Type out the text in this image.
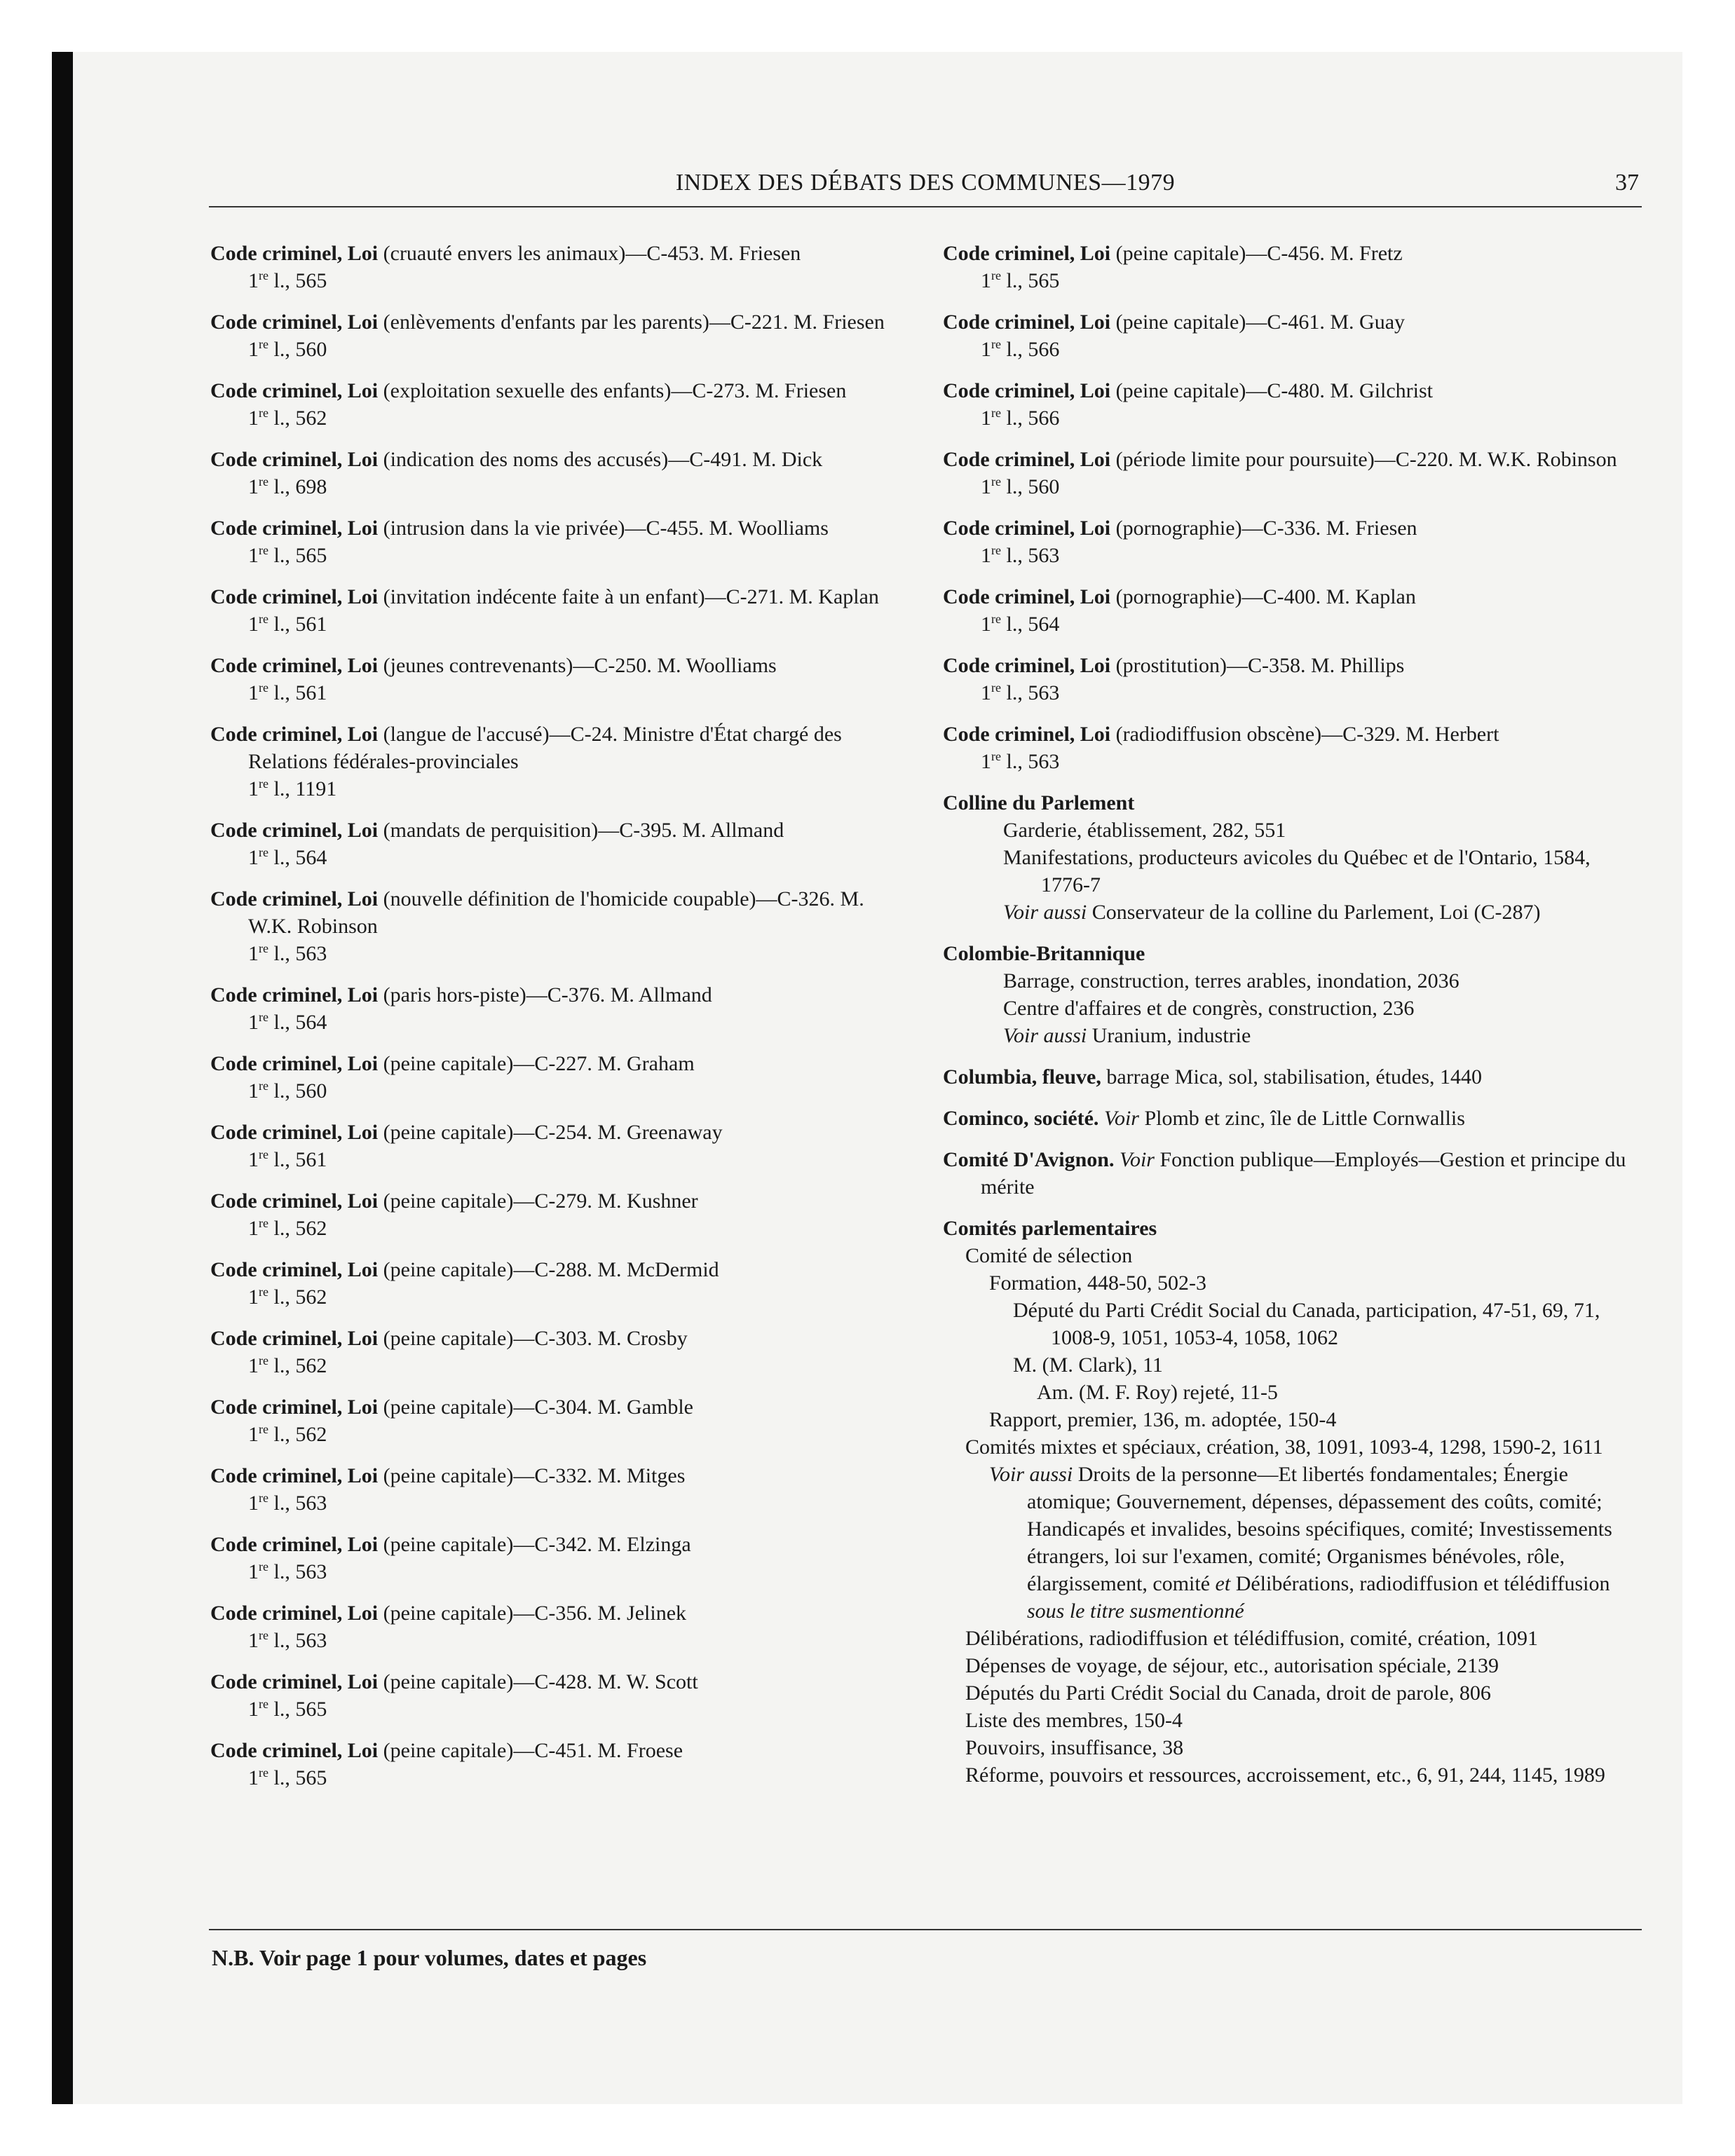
INDEX DES DÉBATS DES COMMUNES—1979	37
Code criminel, Loi (cruauté envers les animaux)—C-453. M. Friesen
1re l., 565
Code criminel, Loi (enlèvements d'enfants par les parents)—C-221. M. Friesen
1re l., 560
Code criminel, Loi (exploitation sexuelle des enfants)—C-273. M. Friesen
1re l., 562
Code criminel, Loi (indication des noms des accusés)—C-491. M. Dick
1re l., 698
Code criminel, Loi (intrusion dans la vie privée)—C-455. M. Woolliams
1re l., 565
Code criminel, Loi (invitation indécente faite à un enfant)—C-271. M. Kaplan
1re l., 561
Code criminel, Loi (jeunes contrevenants)—C-250. M. Woolliams
1re l., 561
Code criminel, Loi (langue de l'accusé)—C-24. Ministre d'État chargé des Relations fédérales-provinciales
1re l., 1191
Code criminel, Loi (mandats de perquisition)—C-395. M. Allmand
1re l., 564
Code criminel, Loi (nouvelle définition de l'homicide coupable)—C-326. M. W.K. Robinson
1re l., 563
Code criminel, Loi (paris hors-piste)—C-376. M. Allmand
1re l., 564
Code criminel, Loi (peine capitale)—C-227. M. Graham
1re l., 560
Code criminel, Loi (peine capitale)—C-254. M. Greenaway
1re l., 561
Code criminel, Loi (peine capitale)—C-279. M. Kushner
1re l., 562
Code criminel, Loi (peine capitale)—C-288. M. McDermid
1re l., 562
Code criminel, Loi (peine capitale)—C-303. M. Crosby
1re l., 562
Code criminel, Loi (peine capitale)—C-304. M. Gamble
1re l., 562
Code criminel, Loi (peine capitale)—C-332. M. Mitges
1re l., 563
Code criminel, Loi (peine capitale)—C-342. M. Elzinga
1re l., 563
Code criminel, Loi (peine capitale)—C-356. M. Jelinek
1re l., 563
Code criminel, Loi (peine capitale)—C-428. M. W. Scott
1re l., 565
Code criminel, Loi (peine capitale)—C-451. M. Froese
1re l., 565
Code criminel, Loi (peine capitale)—C-456. M. Fretz
1re l., 565
Code criminel, Loi (peine capitale)—C-461. M. Guay
1re l., 566
Code criminel, Loi (peine capitale)—C-480. M. Gilchrist
1re l., 566
Code criminel, Loi (période limite pour poursuite)—C-220. M. W.K. Robinson
1re l., 560
Code criminel, Loi (pornographie)—C-336. M. Friesen
1re l., 563
Code criminel, Loi (pornographie)—C-400. M. Kaplan
1re l., 564
Code criminel, Loi (prostitution)—C-358. M. Phillips
1re l., 563
Code criminel, Loi (radiodiffusion obscène)—C-329. M. Herbert
1re l., 563
Colline du Parlement
Garderie, établissement, 282, 551
Manifestations, producteurs avicoles du Québec et de l'Ontario, 1584, 1776-7
Voir aussi Conservateur de la colline du Parlement, Loi (C-287)
Colombie-Britannique
Barrage, construction, terres arables, inondation, 2036
Centre d'affaires et de congrès, construction, 236
Voir aussi Uranium, industrie
Columbia, fleuve, barrage Mica, sol, stabilisation, études, 1440
Cominco, société. Voir Plomb et zinc, île de Little Cornwallis
Comité D'Avignon. Voir Fonction publique—Employés—Gestion et principe du mérite
Comités parlementaires
Comité de sélection
Formation, 448-50, 502-3
Député du Parti Crédit Social du Canada, participation, 47-51, 69, 71, 1008-9, 1051, 1053-4, 1058, 1062
M. (M. Clark), 11
Am. (M. F. Roy) rejeté, 11-5
Rapport, premier, 136, m. adoptée, 150-4
Comités mixtes et spéciaux, création, 38, 1091, 1093-4, 1298, 1590-2, 1611
Voir aussi Droits de la personne—Et libertés fondamentales; Énergie atomique; Gouvernement, dépenses, dépassement des coûts, comité; Handicapés et invalides, besoins spécifiques, comité; Investissements étrangers, loi sur l'examen, comité; Organismes bénévoles, rôle, élargissement, comité et Délibérations, radiodiffusion et télédiffusion sous le titre susmentionné
Délibérations, radiodiffusion et télédiffusion, comité, création, 1091
Dépenses de voyage, de séjour, etc., autorisation spéciale, 2139
Députés du Parti Crédit Social du Canada, droit de parole, 806
Liste des membres, 150-4
Pouvoirs, insuffisance, 38
Réforme, pouvoirs et ressources, accroissement, etc., 6, 91, 244, 1145, 1989
N.B. Voir page 1 pour volumes, dates et pages
